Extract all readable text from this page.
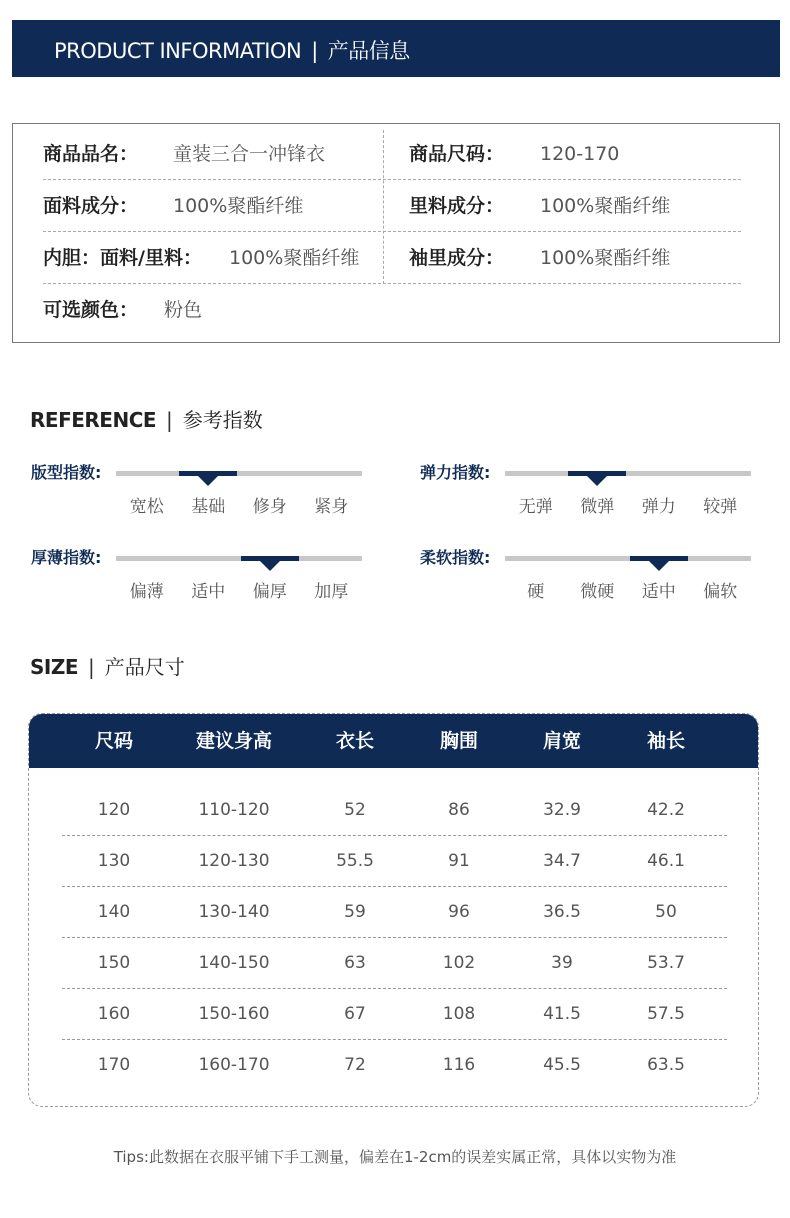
PRODUCT INFORMATION | 产品信息
商品品名： 童装三合一冲锋衣	商品尺码： 120-170
面料成分： 100%聚酯纤维	里料成分： 100%聚酯纤维
内胆：面料/里料： 100%聚酯纤维	袖里成分： 100%聚酯纤维
可选颜色： 粉色
REFERENCE | 参考指数
版型指数:
宽松	基础	修身	紧身
弹力指数:
无弹	微弹	弹力	较弹
厚薄指数:
偏薄	适中	偏厚	加厚
柔软指数:
硬	微硬	适中	偏软
SIZE | 产品尺寸
尺码	建议身高	衣长	胸围	肩宽	袖长
120	110-120	52	86	32.9	42.2
130	120-130	55.5	91	34.7	46.1
140	130-140	59	96	36.5	50
150	140-150	63	102	39	53.7
160	150-160	67	108	41.5	57.5
170	160-170	72	116	45.5	63.5
Tips:此数据在衣服平铺下手工测量，偏差在1-2cm的误差实属正常，具体以实物为准
